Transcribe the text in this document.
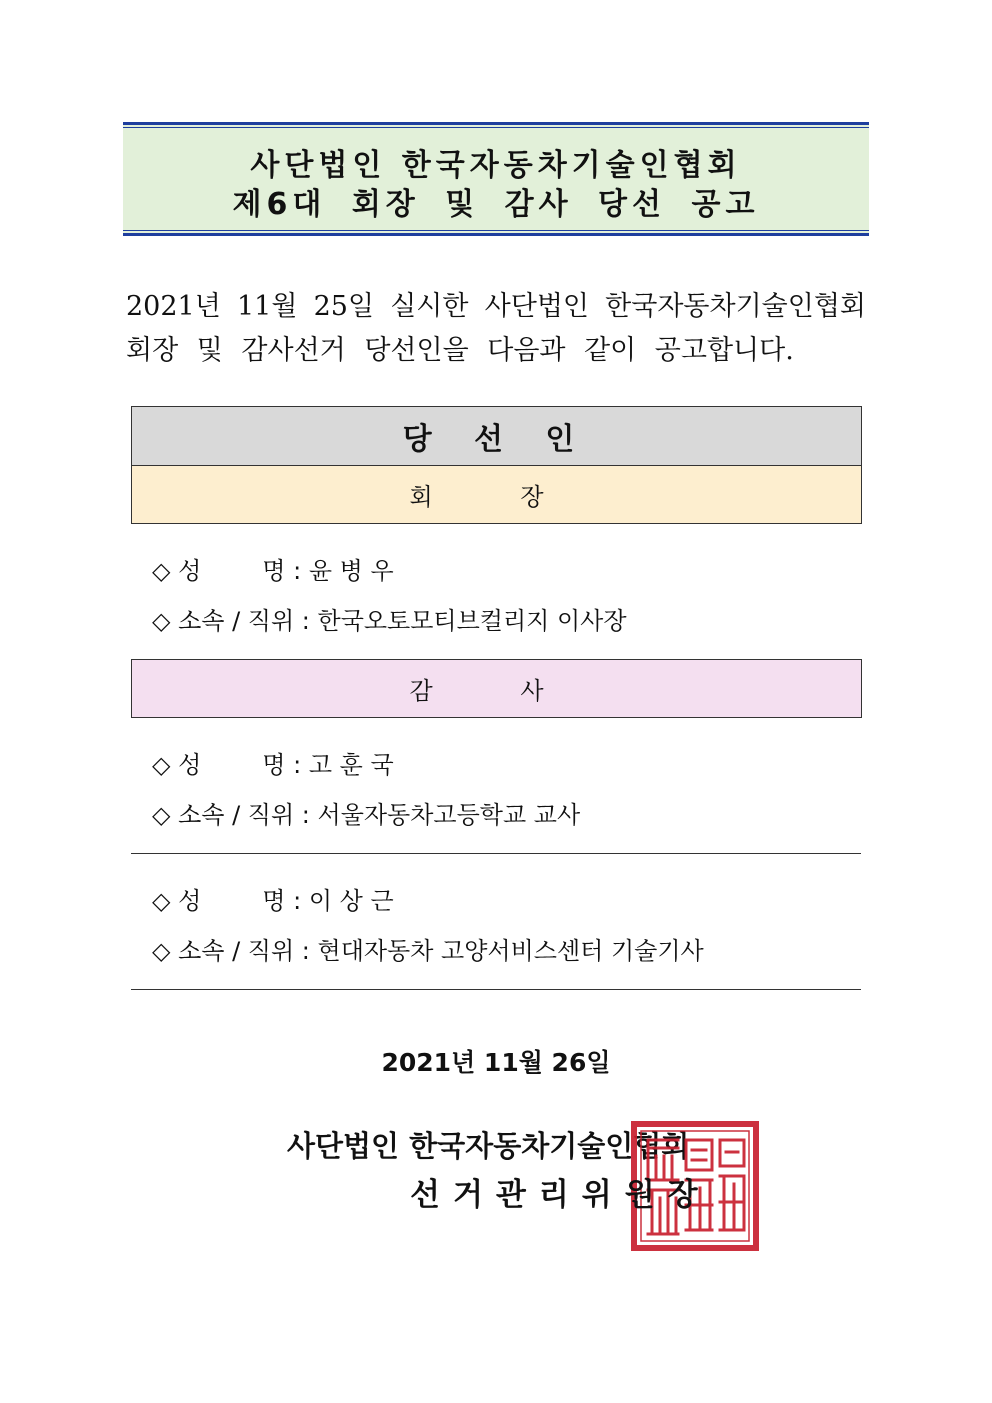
사단법인 한국자동차기술인협회
제6대 회장 및 감사 당선 공고
2021년 11월 25일 실시한 사단법인 한국자동차기술인협회
회장 및 감사선거 당선인을 다음과 같이 공고합니다.
당 선 인
회 장
◇ 성        명 : 윤 병 우
◇ 소속 / 직위 : 한국오토모티브컬리지 이사장
감 사
◇ 성        명 : 고 훈 국
◇ 소속 / 직위 : 서울자동차고등학교 교사
◇ 성        명 : 이 상 근
◇ 소속 / 직위 : 현대자동차 고양서비스센터 기술기사
2021년 11월 26일
사단법인 한국자동차기술인협회
선거관리위원장
